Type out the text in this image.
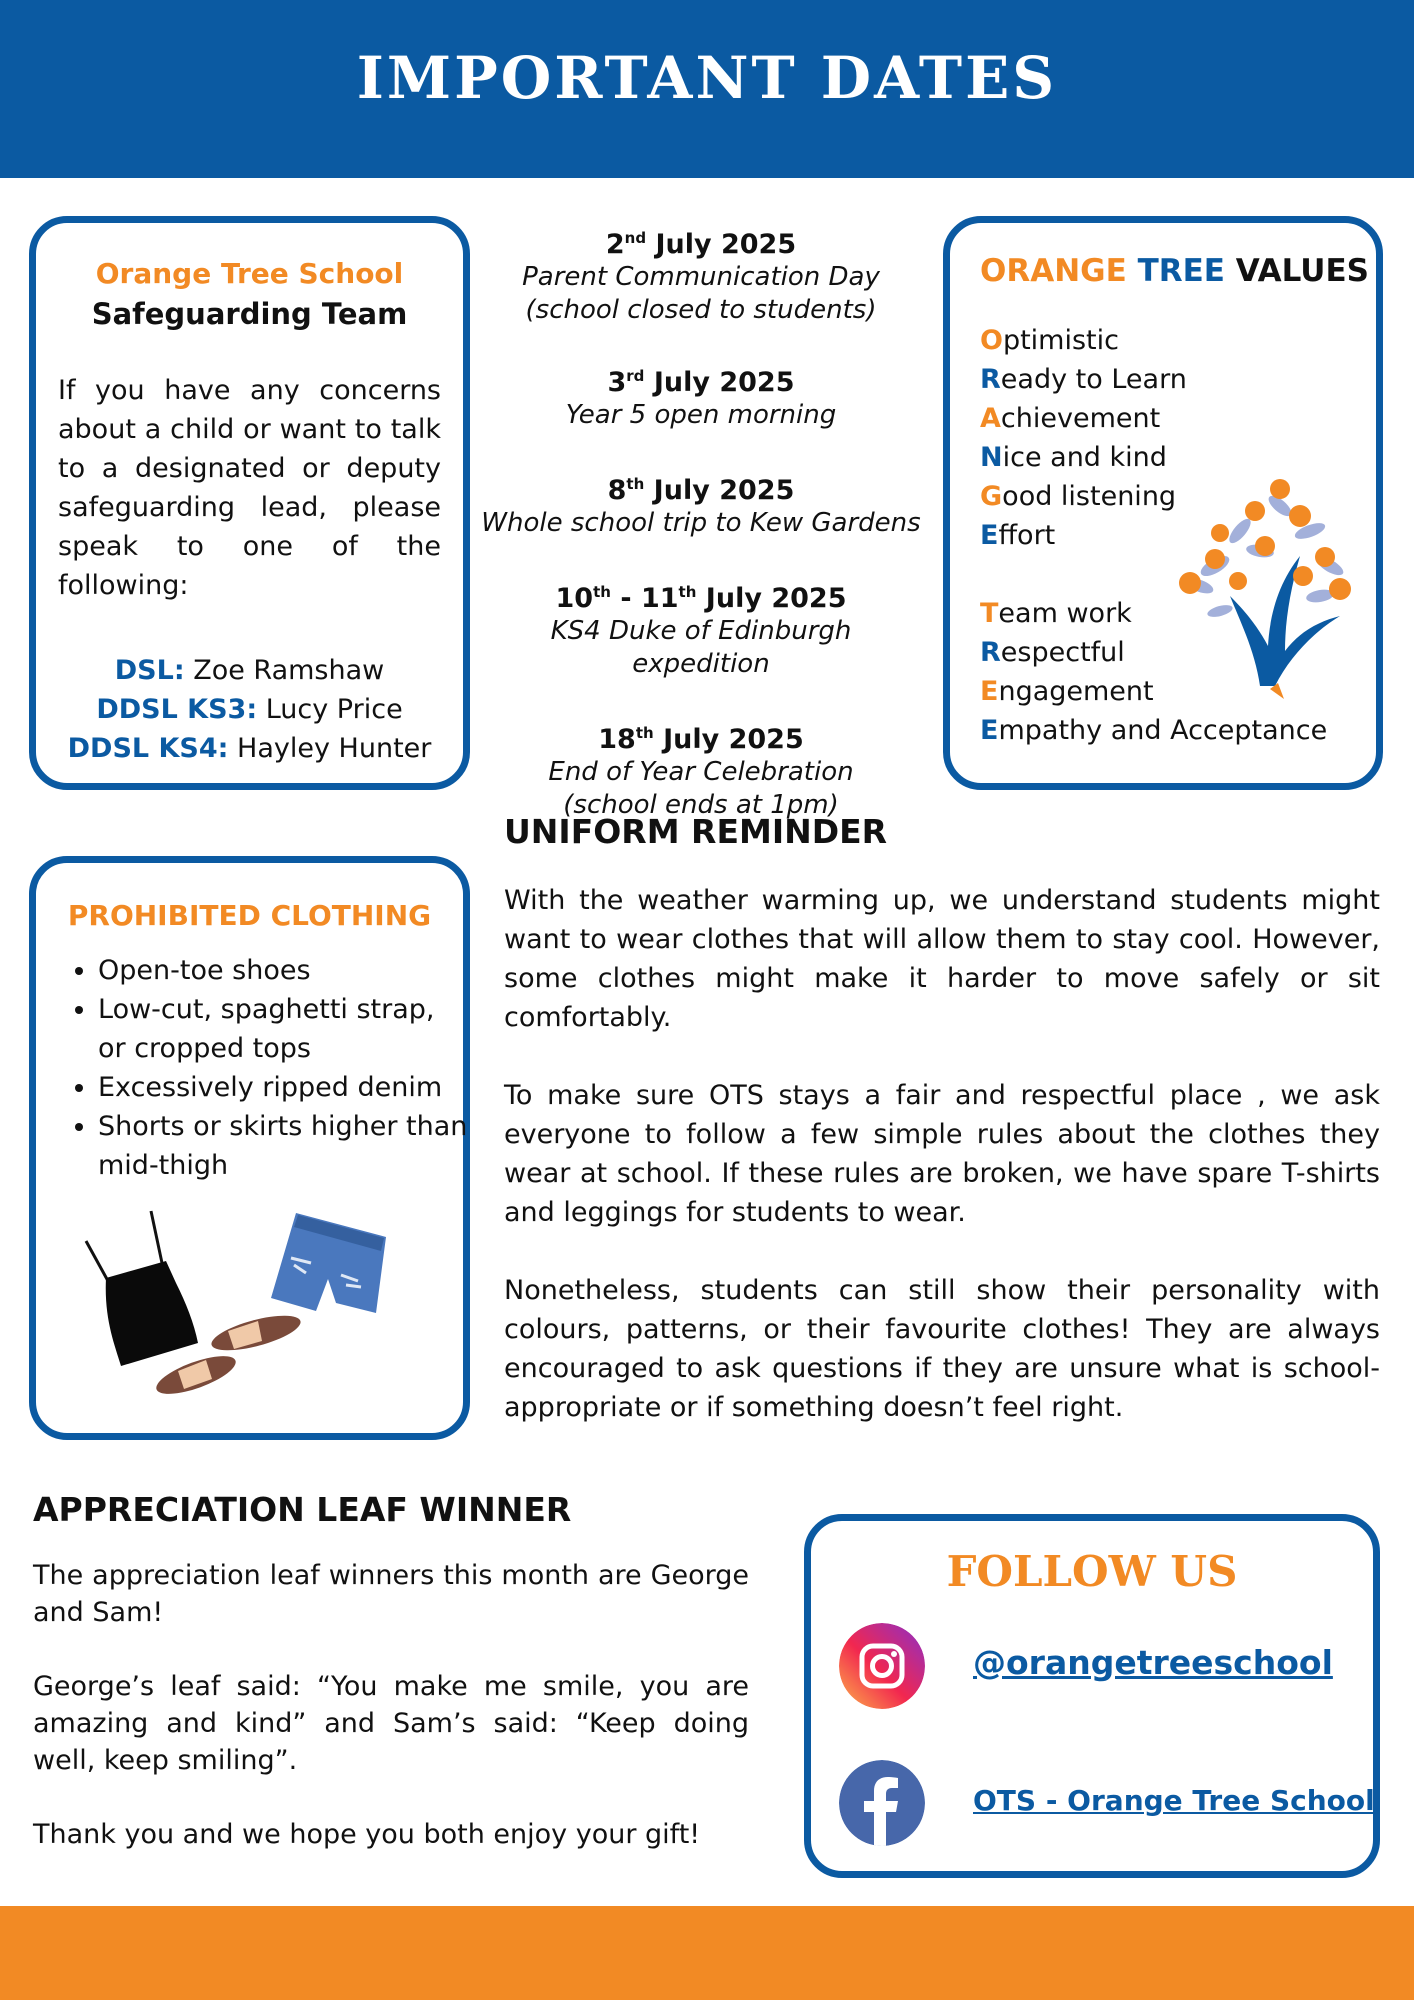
IMPORTANT DATES
Orange Tree School
Safeguarding Team
If you have any concerns about a child or want to talk to a designated or deputy safeguarding lead, please speak to one of the following:
DSL: Zoe Ramshaw
DDSL KS3: Lucy Price
DDSL KS4: Hayley Hunter
2nd July 2025
Parent Communication Day
(school closed to students)
3rd July 2025
Year 5 open morning
8th July 2025
Whole school trip to Kew Gardens
10th - 11th July 2025
KS4 Duke of Edinburgh expedition
18th July 2025
End of Year Celebration
(school ends at 1pm)
ORANGE TREE VALUES
Optimistic
Ready to Learn
Achievement
Nice and kind
Good listening
Effort
Team work
Respectful
Engagement
Empathy and Acceptance
PROHIBITED CLOTHING
• Open-toe shoes
• Low-cut, spaghetti strap, or cropped tops
• Excessively ripped denim
• Shorts or skirts higher than mid-thigh
UNIFORM REMINDER

With the weather warming up, we understand students might want to wear clothes that will allow them to stay cool. However, some clothes might make it harder to move safely or sit comfortably.

To make sure OTS stays a fair and respectful place , we ask everyone to follow a few simple rules about the clothes they wear at school. If these rules are broken, we have spare T-shirts and leggings for students to wear.

Nonetheless, students can still show their personality with colours, patterns, or their favourite clothes! They are always encouraged to ask questions if they are unsure what is school-appropriate or if something doesn’t feel right.

APPRECIATION LEAF WINNER

The appreciation leaf winners this month are George and Sam!

George’s leaf said: “You make me smile, you are amazing and kind” and Sam’s said: “Keep doing well, keep smiling”.

Thank you and we hope you both enjoy your gift!

FOLLOW US
@orangetreeschool
OTS - Orange Tree School
